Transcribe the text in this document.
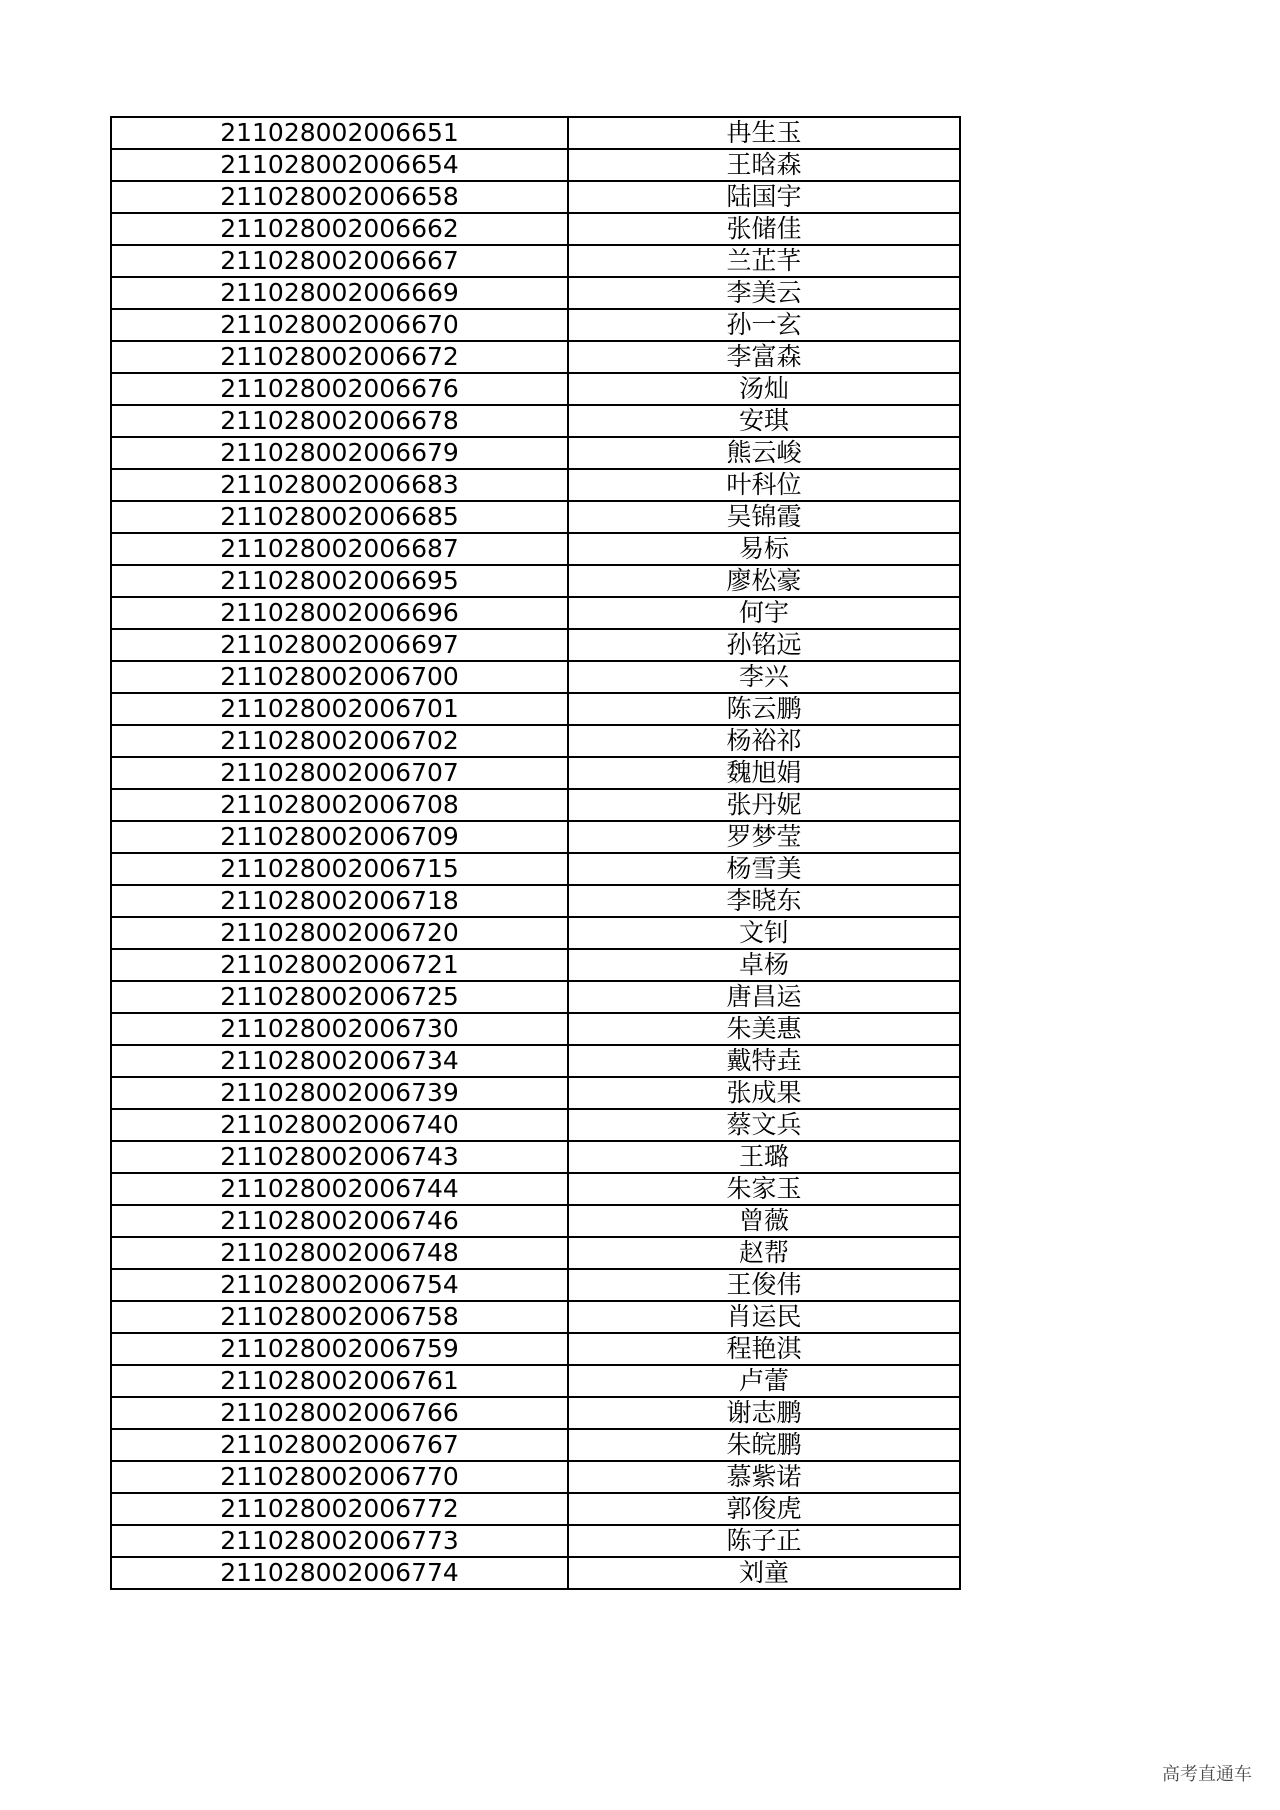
211028002006651	冉生玉
211028002006654	王晗森
211028002006658	陆国宇
211028002006662	张储佳
211028002006667	兰芷芊
211028002006669	李美云
211028002006670	孙一玄
211028002006672	李富森
211028002006676	汤灿
211028002006678	安琪
211028002006679	熊云峻
211028002006683	叶科位
211028002006685	吴锦霞
211028002006687	易标
211028002006695	廖松豪
211028002006696	何宇
211028002006697	孙铭远
211028002006700	李兴
211028002006701	陈云鹏
211028002006702	杨裕祁
211028002006707	魏旭娟
211028002006708	张丹妮
211028002006709	罗梦莹
211028002006715	杨雪美
211028002006718	李晓东
211028002006720	文钊
211028002006721	卓杨
211028002006725	唐昌运
211028002006730	朱美惠
211028002006734	戴特垚
211028002006739	张成果
211028002006740	蔡文兵
211028002006743	王璐
211028002006744	朱家玉
211028002006746	曾薇
211028002006748	赵帮
211028002006754	王俊伟
211028002006758	肖运民
211028002006759	程艳淇
211028002006761	卢蕾
211028002006766	谢志鹏
211028002006767	朱皖鹏
211028002006770	慕紫诺
211028002006772	郭俊虎
211028002006773	陈子正
211028002006774	刘童
高考直通车
